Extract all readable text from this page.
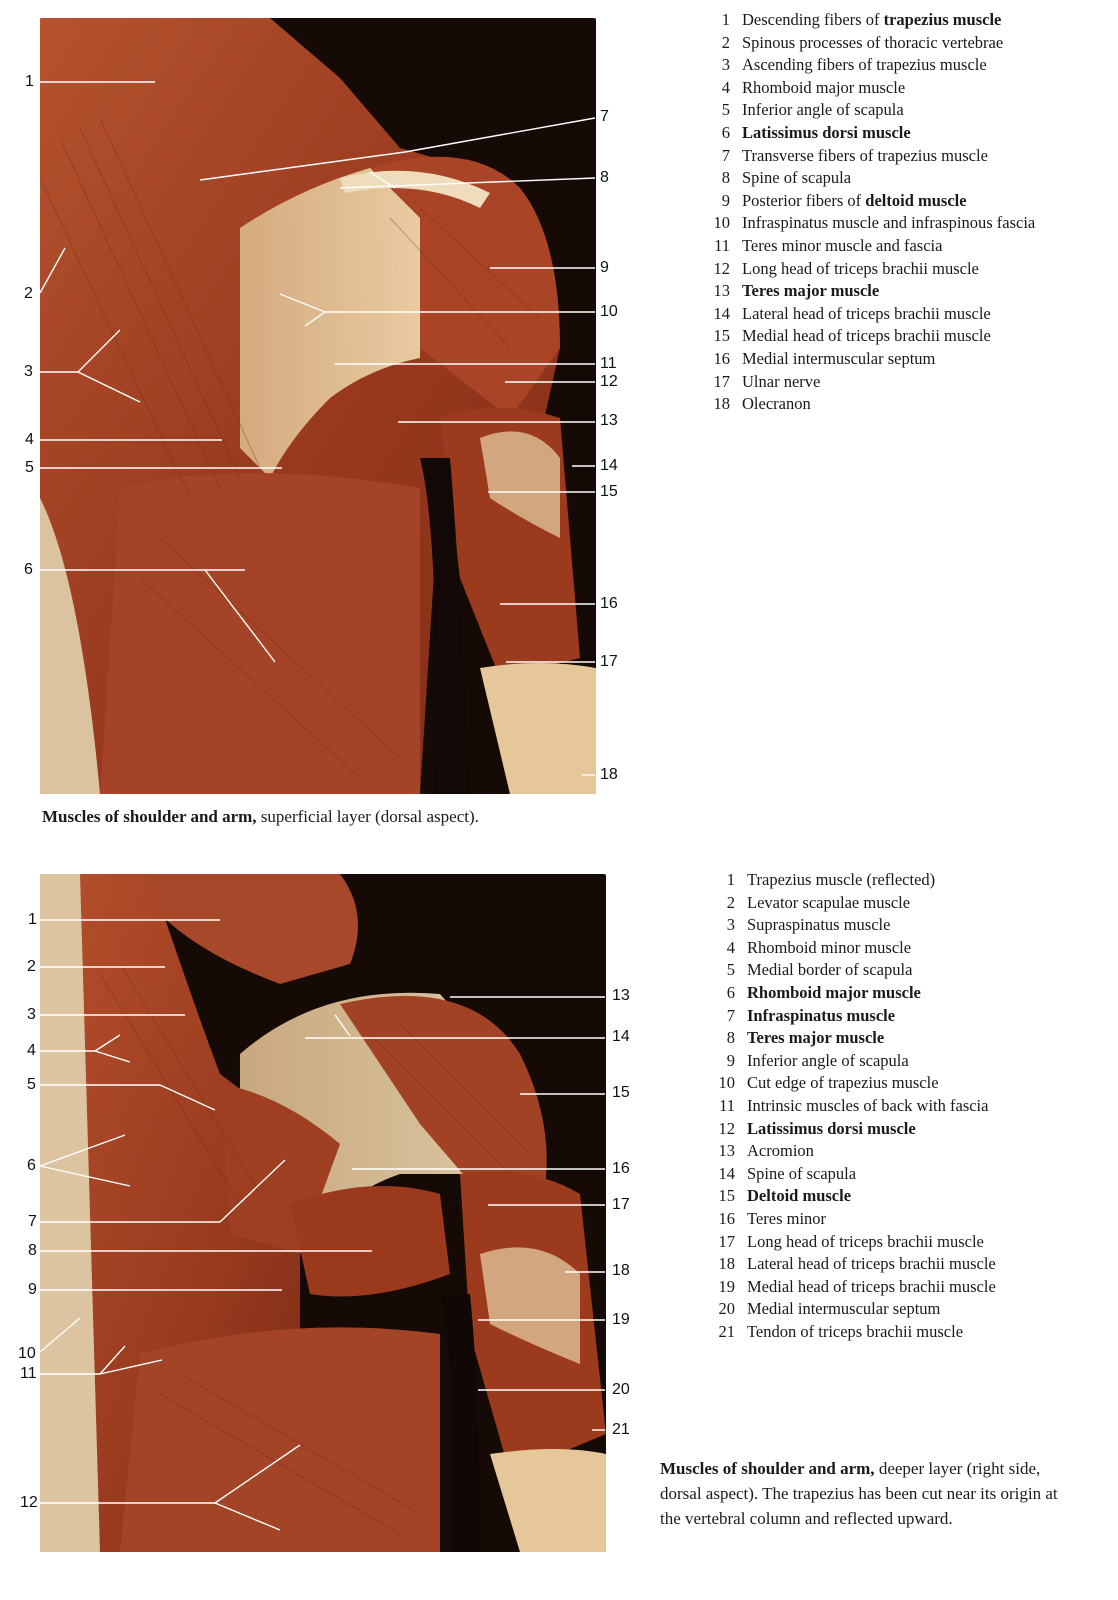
1
2
3
4
5
6
7
8
9
10
11
12
13
14
15
16
17
18
1
2
3
4
5
6
7
8
9
10
11
12
13
14
15
16
17
18
19
20
21
1 Descending fibers of trapezius muscle
2 Spinous processes of thoracic vertebrae
3 Ascending fibers of trapezius muscle
4 Rhomboid major muscle
5 Inferior angle of scapula
6 Latissimus dorsi muscle
7 Transverse fibers of trapezius muscle
8 Spine of scapula
9 Posterior fibers of deltoid muscle
10 Infraspinatus muscle and infraspinous fascia
11 Teres minor muscle and fascia
12 Long head of triceps brachii muscle
13 Teres major muscle
14 Lateral head of triceps brachii muscle
15 Medial head of triceps brachii muscle
16 Medial intermuscular septum
17 Ulnar nerve
18 Olecranon
1 Trapezius muscle (reflected)
2 Levator scapulae muscle
3 Supraspinatus muscle
4 Rhomboid minor muscle
5 Medial border of scapula
6 Rhomboid major muscle
7 Infraspinatus muscle
8 Teres major muscle
9 Inferior angle of scapula
10 Cut edge of trapezius muscle
11 Intrinsic muscles of back with fascia
12 Latissimus dorsi muscle
13 Acromion
14 Spine of scapula
15 Deltoid muscle
16 Teres minor
17 Long head of triceps brachii muscle
18 Lateral head of triceps brachii muscle
19 Medial head of triceps brachii muscle
20 Medial intermuscular septum
21 Tendon of triceps brachii muscle
Muscles of shoulder and arm, superficial layer (dorsal aspect).
Muscles of shoulder and arm, deeper layer (right side, dorsal aspect). The trapezius has been cut near its origin at the vertebral column and reflected upward.
